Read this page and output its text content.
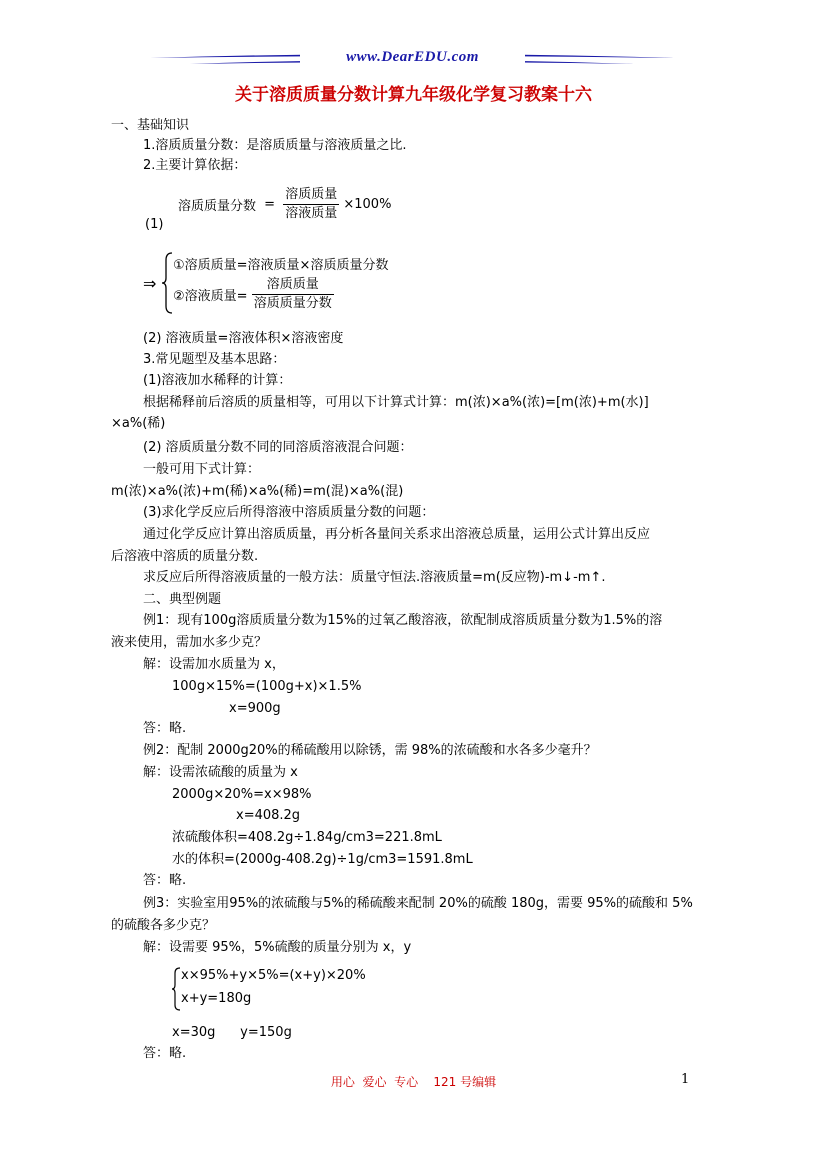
www.DearEDU.com
关于溶质质量分数计算九年级化学复习教案十六
一、基础知识
1.溶质质量分数：是溶质质量与溶液质量之比.
2.主要计算依据：
溶质质量分数 = $\frac{\text{溶质质量}}{\text{溶液质量}} \times 100\%$
(1)
⇒
①溶质质量=溶液质量×溶质质量分数
②溶液质量= $\frac{\text{溶质质量}}{\text{溶质质量分数}}$
(2) 溶液质量=溶液体积×溶液密度
3.常见题型及基本思路：
(1)溶液加水稀释的计算：
根据稀释前后溶质的质量相等，可用以下计算式计算：m(浓)×a%(浓)=[m(浓)+m(水)]
×a%(稀)
(2) 溶质质量分数不同的同溶质溶液混合问题：
一般可用下式计算：
m(浓)×a%(浓)+m(稀)×a%(稀)=m(混)×a%(混)
(3)求化学反应后所得溶液中溶质质量分数的问题：
通过化学反应计算出溶质质量，再分析各量间关系求出溶液总质量，运用公式计算出反应
后溶液中溶质的质量分数.
求反应后所得溶液质量的一般方法：质量守恒法.溶液质量=m(反应物)-m↓-m↑.
二、典型例题
例1：现有100g溶质质量分数为15%的过氧乙酸溶液，欲配制成溶质质量分数为1.5%的溶
液来使用，需加水多少克？
解：设需加水质量为 x，
100g×15%=(100g+x)×1.5%
x=900g
答：略.
例2：配制 2000g20%的稀硫酸用以除锈，需 98%的浓硫酸和水各多少毫升？
解：设需浓硫酸的质量为 x
2000g×20%=x×98%
x=408.2g
浓硫酸体积=408.2g÷1.84g/cm3=221.8mL
水的体积=(2000g-408.2g)÷1g/cm3=1591.8mL
答：略.
例3：实验室用95%的浓硫酸与5%的稀硫酸来配制 20%的硫酸 180g，需要 95%的硫酸和 5%
的硫酸各多少克？
解：设需要 95%，5%硫酸的质量分别为 x，y
x×95%+y×5%=(x+y)×20%
x+y=180g
x=30g      y=150g
答：略.
用心  爱心  专心    121 号编辑	1
